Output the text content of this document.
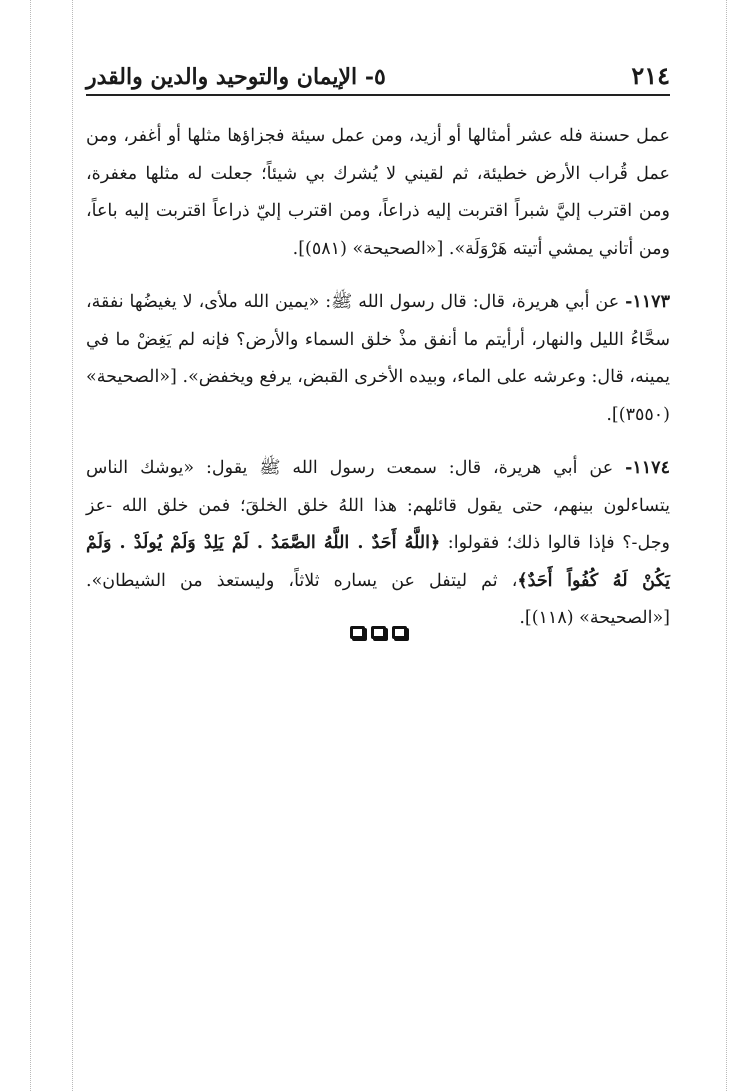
٢١٤
٥- الإيمان والتوحيد والدين والقدر

عمل حسنة فله عشر أمثالها أو أزيد، ومن عمل سيئة فجزاؤها مثلها أو أغفر، ومن عمل قُراب الأرض خطيئة، ثم لقيني لا يُشرك بي شيئاً؛ جعلت له مثلها مغفرة، ومن اقترب إليَّ شبراً اقتربت إليه ذراعاً، ومن اقترب إليّ ذراعاً اقتربت إليه باعاً، ومن أتاني يمشي أتيته هَرْوَلَة». [«الصحيحة» (٥٨١)].

١١٧٣- عن أبي هريرة، قال: قال رسول الله ﷺ: «يمين الله ملأى، لا يغيضُها نفقة، سحَّاءُ الليل والنهار، أرأيتم ما أنفق مذْ خلق السماء والأرض؟ فإنه لم يَغِضْ ما في يمينه، قال: وعرشه على الماء، وبيده الأخرى القبض، يرفع ويخفض». [«الصحيحة» (٣٥٥٠)].

١١٧٤- عن أبي هريرة، قال: سمعت رسول الله ﷺ يقول: «يوشك الناس يتساءلون بينهم، حتى يقول قائلهم: هذا اللهُ خلق الخلقَ؛ فمن خلق الله -عز وجل-؟ فإذا قالوا ذلك؛ فقولوا: ﴿اللَّهُ أَحَدٌ . اللَّهُ الصَّمَدُ . لَمْ يَلِدْ وَلَمْ يُولَدْ . وَلَمْ يَكُنْ لَهُ كُفُواً أَحَدٌ﴾، ثم ليتفل عن يساره ثلاثاً، وليستعذ من الشيطان». [«الصحيحة» (١١٨)].
